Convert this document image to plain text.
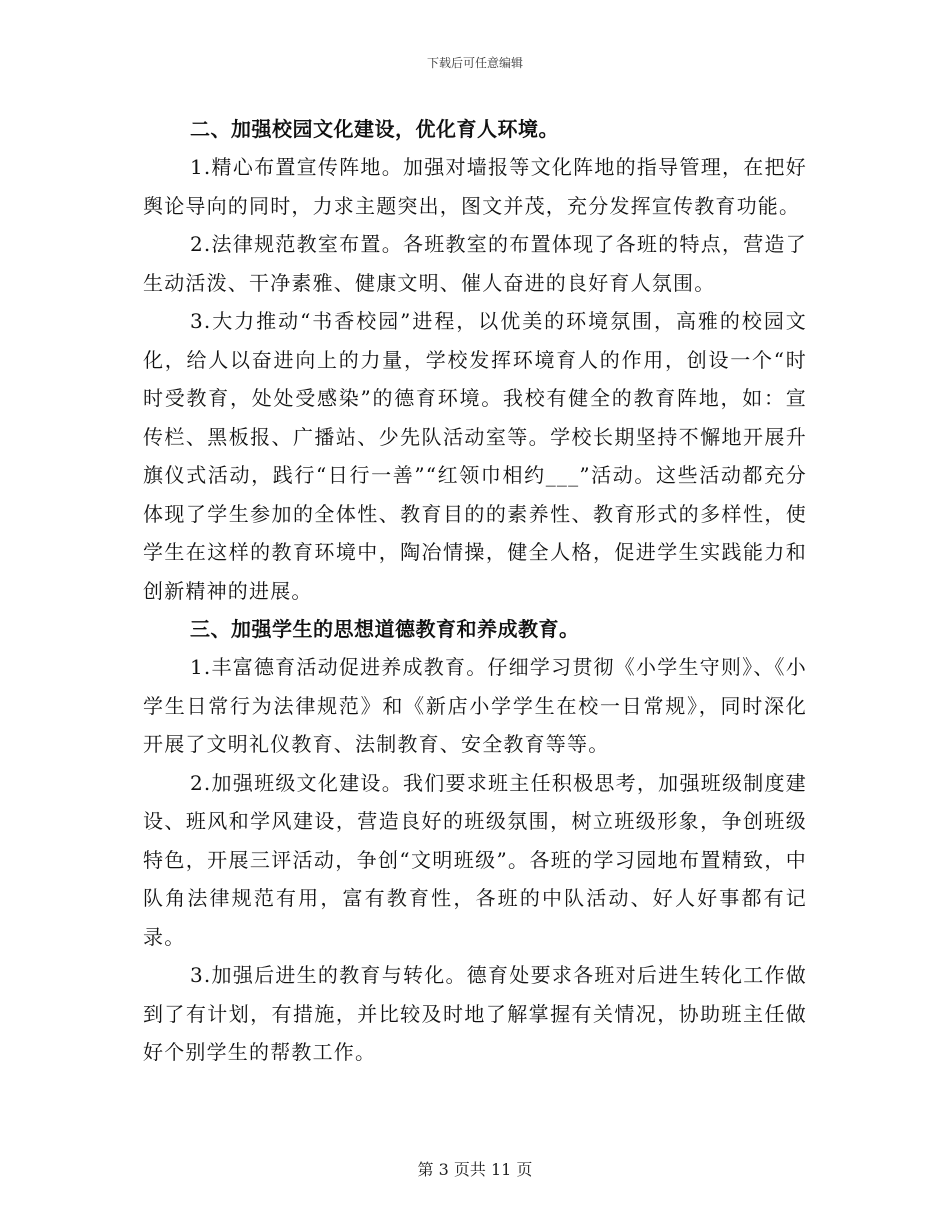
下载后可任意编辑
二、加强校园文化建设，优化育人环境。

1.精心布置宣传阵地。加强对墙报等文化阵地的指导管理，在把好舆论导向的同时，力求主题突出，图文并茂，充分发挥宣传教育功能。

2.法律规范教室布置。各班教室的布置体现了各班的特点，营造了生动活泼、干净素雅、健康文明、催人奋进的良好育人氛围。

3.大力推动“书香校园”进程，以优美的环境氛围，高雅的校园文化，给人以奋进向上的力量，学校发挥环境育人的作用，创设一个“时时受教育，处处受感染”的德育环境。我校有健全的教育阵地，如：宣传栏、黑板报、广播站、少先队活动室等。学校长期坚持不懈地开展升旗仪式活动，践行“日行一善”“红领巾相约___”活动。这些活动都充分体现了学生参加的全体性、教育目的的素养性、教育形式的多样性，使学生在这样的教育环境中，陶冶情操，健全人格，促进学生实践能力和创新精神的进展。

三、加强学生的思想道德教育和养成教育。

1.丰富德育活动促进养成教育。仔细学习贯彻《小学生守则》、《小学生日常行为法律规范》和《新店小学学生在校一日常规》，同时深化开展了文明礼仪教育、法制教育、安全教育等等。

2.加强班级文化建设。我们要求班主任积极思考，加强班级制度建设、班风和学风建设，营造良好的班级氛围，树立班级形象，争创班级特色，开展三评活动，争创“文明班级”。各班的学习园地布置精致，中队角法律规范有用，富有教育性，各班的中队活动、好人好事都有记录。

3.加强后进生的教育与转化。德育处要求各班对后进生转化工作做到了有计划，有措施，并比较及时地了解掌握有关情况，协助班主任做好个别学生的帮教工作。

第 3 页共 11 页
